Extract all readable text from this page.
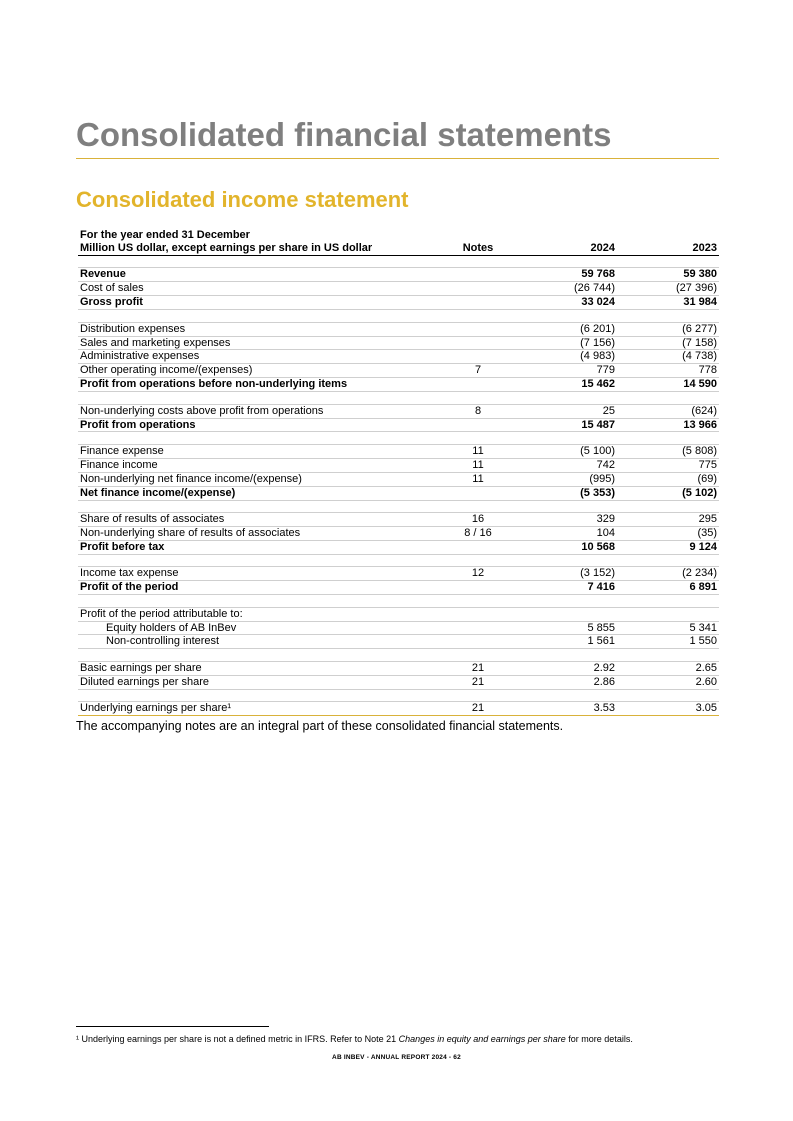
Consolidated financial statements
Consolidated income statement
For the year ended 31 December			
Million US dollar, except earnings per share in US dollar	Notes	2024	2023

Revenue		59 768	59 380
Cost of sales		(26 744)	(27 396)
Gross profit		33 024	31 984

Distribution expenses		(6 201)	(6 277)
Sales and marketing expenses		(7 156)	(7 158)
Administrative expenses		(4 983)	(4 738)
Other operating income/(expenses)	7	779	778
Profit from operations before non-underlying items		15 462	14 590

Non-underlying costs above profit from operations	8	25	(624)
Profit from operations		15 487	13 966

Finance expense	11	(5 100)	(5 808)
Finance income	11	742	775
Non-underlying net finance income/(expense)	11	(995)	(69)
Net finance income/(expense)		(5 353)	(5 102)

Share of results of associates	16	329	295
Non-underlying share of results of associates	8 / 16	104	(35)
Profit before tax		10 568	9 124

Income tax expense	12	(3 152)	(2 234)
Profit of the period		7 416	6 891

Profit of the period attributable to:			
Equity holders of AB InBev		5 855	5 341
Non-controlling interest		1 561	1 550

Basic earnings per share	21	2.92	2.65
Diluted earnings per share	21	2.86	2.60

Underlying earnings per share¹	21	3.53	3.05
The accompanying notes are an integral part of these consolidated financial statements.
¹ Underlying earnings per share is not a defined metric in IFRS. Refer to Note 21 Changes in equity and earnings per share for more details.
AB INBEV - ANNUAL REPORT 2024 - 62
